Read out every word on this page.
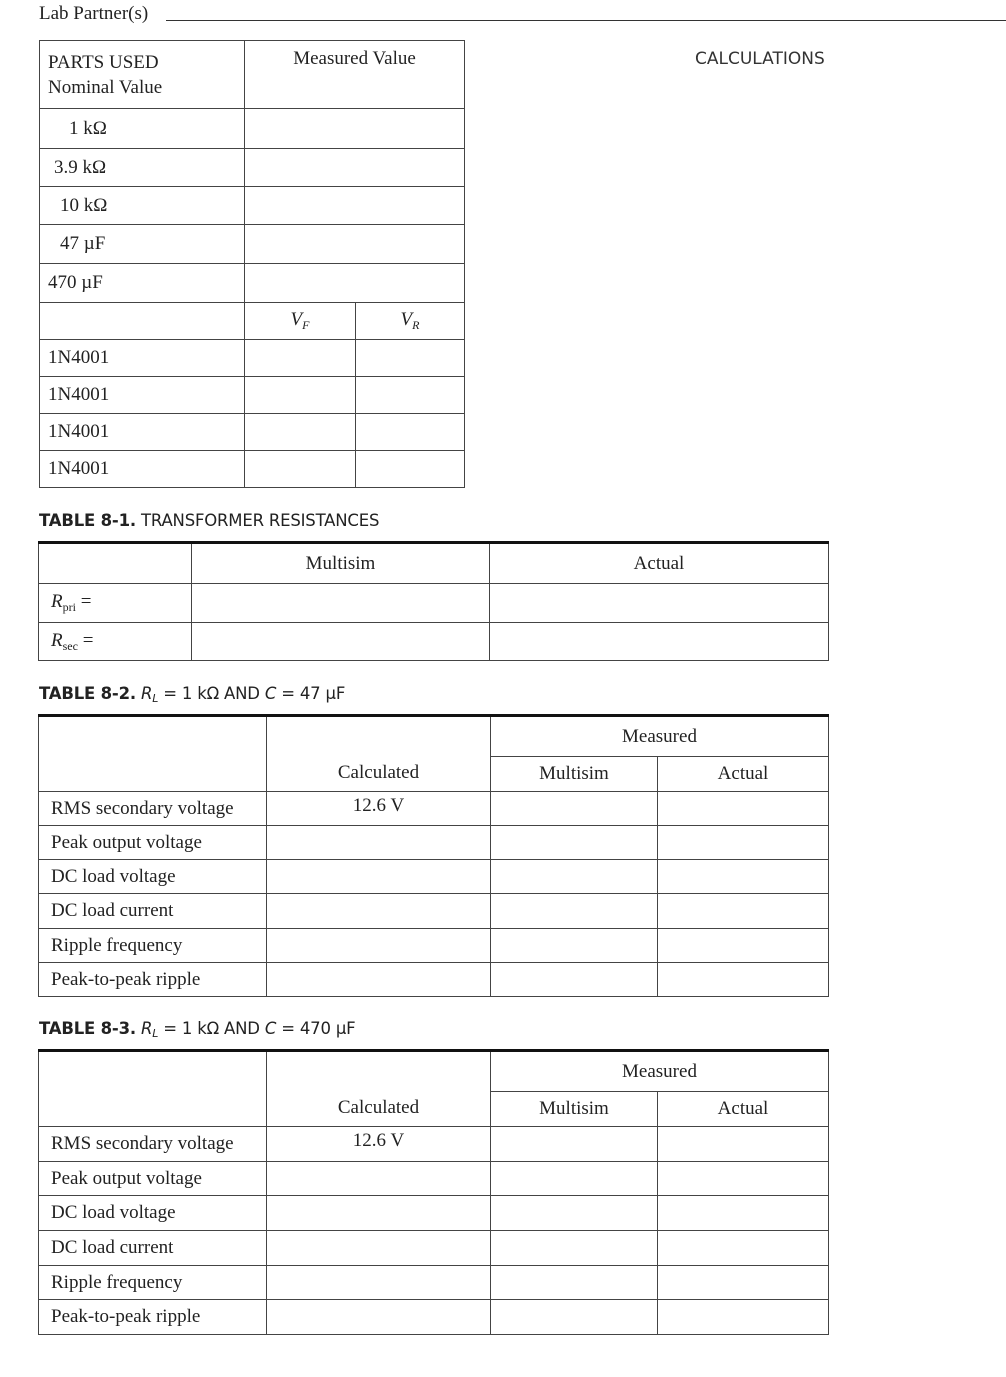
Lab Partner(s)
CALCULATIONS
PARTS USED
Nominal Value	Measured Value	
1 kΩ		
3.9 kΩ		
10 kΩ		
47 µF		
470 µF		
	$V_F$	$V_R$
1N4001		
1N4001		
1N4001		
1N4001		
TABLE 8-1. TRANSFORMER RESISTANCES
	Multisim	Actual
$R_{pri}$ =		
$R_{sec}$ =		
TABLE 8-2. RL = 1 kΩ AND C = 47 µF
	Calculated	Measured	
		Multisim	Actual
RMS secondary voltage	12.6 V		
Peak output voltage			
DC load voltage			
DC load current			
Ripple frequency			
Peak-to-peak ripple			
TABLE 8-3. RL = 1 kΩ AND C = 470 µF
	Calculated	Measured	
		Multisim	Actual
RMS secondary voltage	12.6 V		
Peak output voltage			
DC load voltage			
DC load current			
Ripple frequency			
Peak-to-peak ripple			
